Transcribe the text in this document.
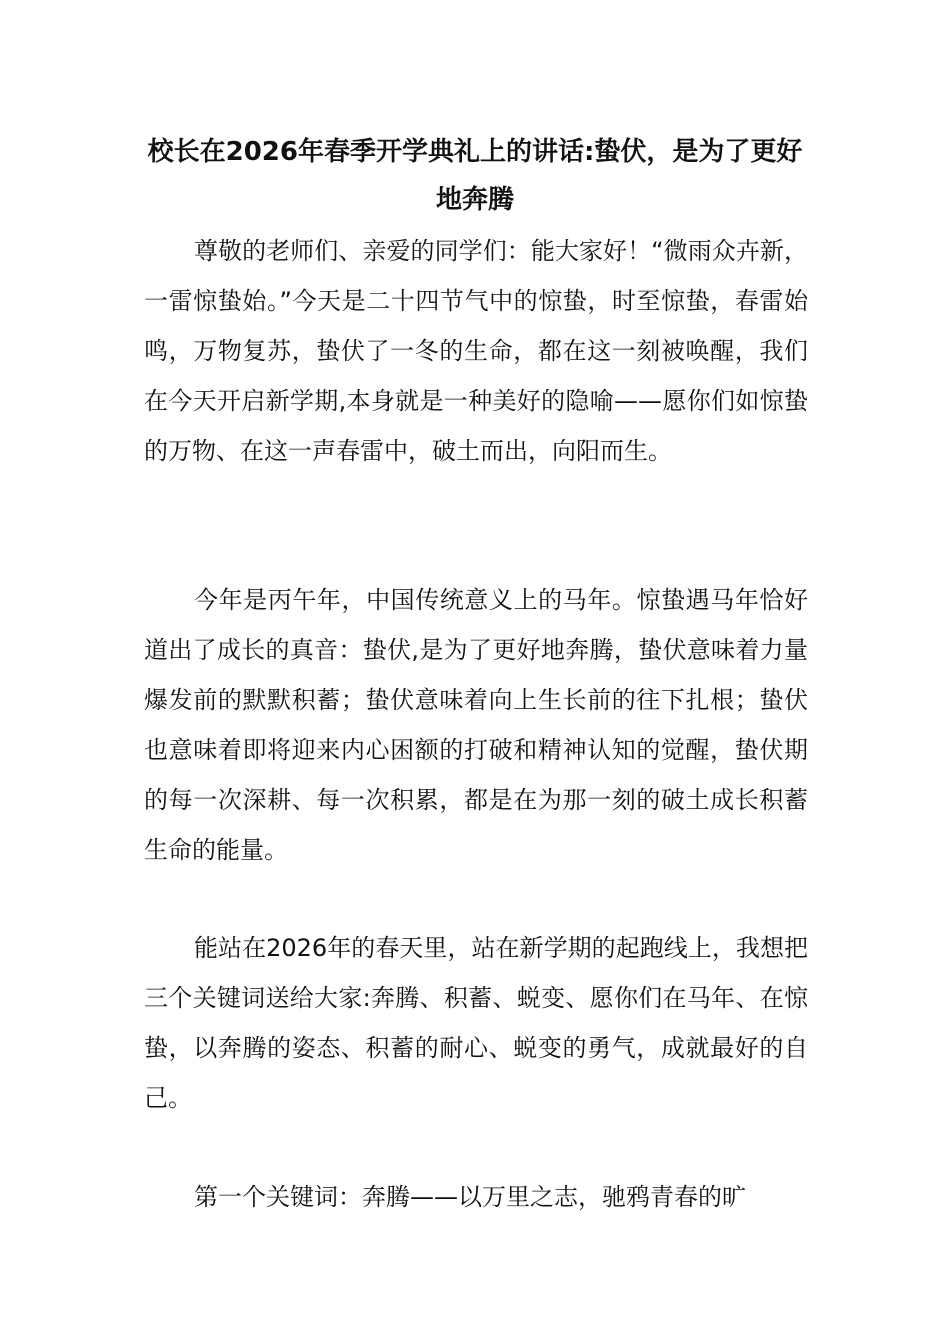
校长在2026年春季开学典礼上的讲话:蛰伏，是为了更好地奔腾

尊敬的老师们、亲爱的同学们：能大家好！“微雨众卉新，一雷惊蛰始。”今天是二十四节气中的惊蛰，时至惊蛰，春雷始鸣，万物复苏，蛰伏了一冬的生命，都在这一刻被唤醒，我们在今天开启新学期,本身就是一种美好的隐喻——愿你们如惊蛰的万物、在这一声春雷中，破土而出，向阳而生。

今年是丙午年，中国传统意义上的马年。惊蛰遇马年恰好道出了成长的真音：蛰伏,是为了更好地奔腾，蛰伏意味着力量爆发前的默默积蓄；蛰伏意味着向上生长前的往下扎根；蛰伏也意味着即将迎来内心困额的打破和精神认知的觉醒，蛰伏期的每一次深耕、每一次积累，都是在为那一刻的破土成长积蓄生命的能量。

能站在2026年的春天里，站在新学期的起跑线上，我想把三个关键词送给大家:奔腾、积蓄、蜕变、愿你们在马年、在惊蛰，以奔腾的姿态、积蓄的耐心、蜕变的勇气，成就最好的自己。

第一个关键词：奔腾——以万里之志，驰鸦青春的旷
